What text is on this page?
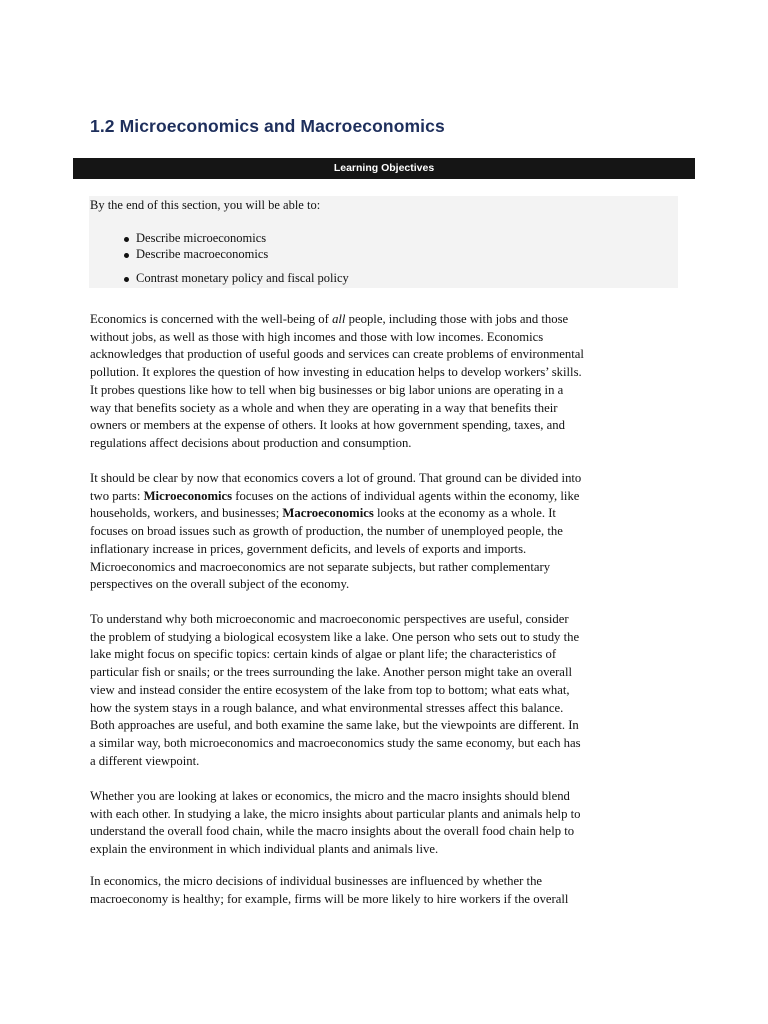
1.2 Microeconomics and Macroeconomics
Learning Objectives

By the end of this section, you will be able to:

Describe microeconomics
Describe macroeconomics
Contrast monetary policy and fiscal policy

Economics is concerned with the well-being of all people, including those with jobs and those
without jobs, as well as those with high incomes and those with low incomes. Economics
acknowledges that production of useful goods and services can create problems of environmental
pollution. It explores the question of how investing in education helps to develop workers’ skills.
It probes questions like how to tell when big businesses or big labor unions are operating in a
way that benefits society as a whole and when they are operating in a way that benefits their
owners or members at the expense of others. It looks at how government spending, taxes, and
regulations affect decisions about production and consumption.

It should be clear by now that economics covers a lot of ground. That ground can be divided into
two parts: Microeconomics focuses on the actions of individual agents within the economy, like
households, workers, and businesses; Macroeconomics looks at the economy as a whole. It
focuses on broad issues such as growth of production, the number of unemployed people, the
inflationary increase in prices, government deficits, and levels of exports and imports.
Microeconomics and macroeconomics are not separate subjects, but rather complementary
perspectives on the overall subject of the economy.

To understand why both microeconomic and macroeconomic perspectives are useful, consider
the problem of studying a biological ecosystem like a lake. One person who sets out to study the
lake might focus on specific topics: certain kinds of algae or plant life; the characteristics of
particular fish or snails; or the trees surrounding the lake. Another person might take an overall
view and instead consider the entire ecosystem of the lake from top to bottom; what eats what,
how the system stays in a rough balance, and what environmental stresses affect this balance.
Both approaches are useful, and both examine the same lake, but the viewpoints are different. In
a similar way, both microeconomics and macroeconomics study the same economy, but each has
a different viewpoint.

Whether you are looking at lakes or economics, the micro and the macro insights should blend
with each other. In studying a lake, the micro insights about particular plants and animals help to
understand the overall food chain, while the macro insights about the overall food chain help to
explain the environment in which individual plants and animals live.

In economics, the micro decisions of individual businesses are influenced by whether the
macroeconomy is healthy; for example, firms will be more likely to hire workers if the overall
